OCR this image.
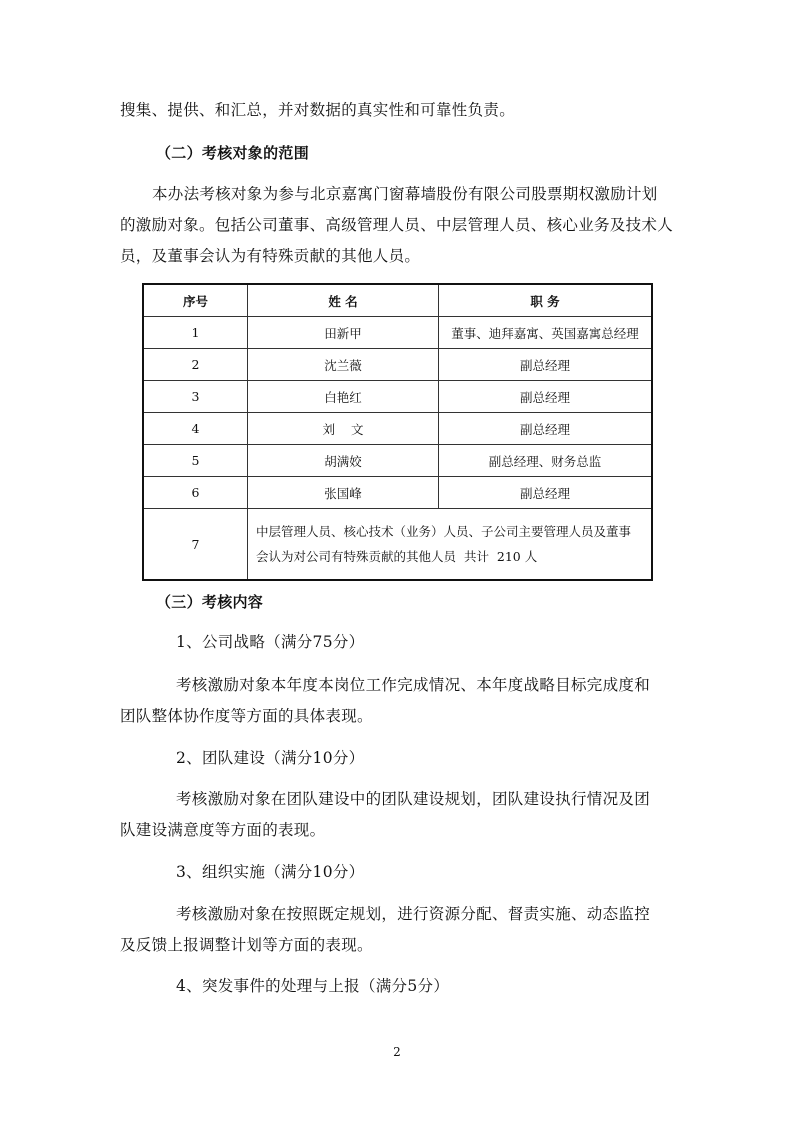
搜集、提供、和汇总，并对数据的真实性和可靠性负责。
（二）考核对象的范围
本办法考核对象为参与北京嘉寓门窗幕墙股份有限公司股票期权激励计划
的激励对象。包括公司董事、高级管理人员、中层管理人员、核心业务及技术人
员，及董事会认为有特殊贡献的其他人员。
序号	姓 名	职 务
1	田新甲	董事、迪拜嘉寓、英国嘉寓总经理
2	沈兰薇	副总经理
3	白艳红	副总经理
4	刘    文	副总经理
5	胡满姣	副总经理、财务总监
6	张国峰	副总经理
7	中层管理人员、核心技术（业务）人员、子公司主要管理人员及董事
会认为对公司有特殊贡献的其他人员  共计  210 人	
（三）考核内容
1、公司战略（满分75分）
考核激励对象本年度本岗位工作完成情况、本年度战略目标完成度和
团队整体协作度等方面的具体表现。
2、团队建设（满分10分）
考核激励对象在团队建设中的团队建设规划，团队建设执行情况及团
队建设满意度等方面的表现。
3、组织实施（满分10分）
考核激励对象在按照既定规划，进行资源分配、督责实施、动态监控
及反馈上报调整计划等方面的表现。
4、突发事件的处理与上报（满分5分）
2
